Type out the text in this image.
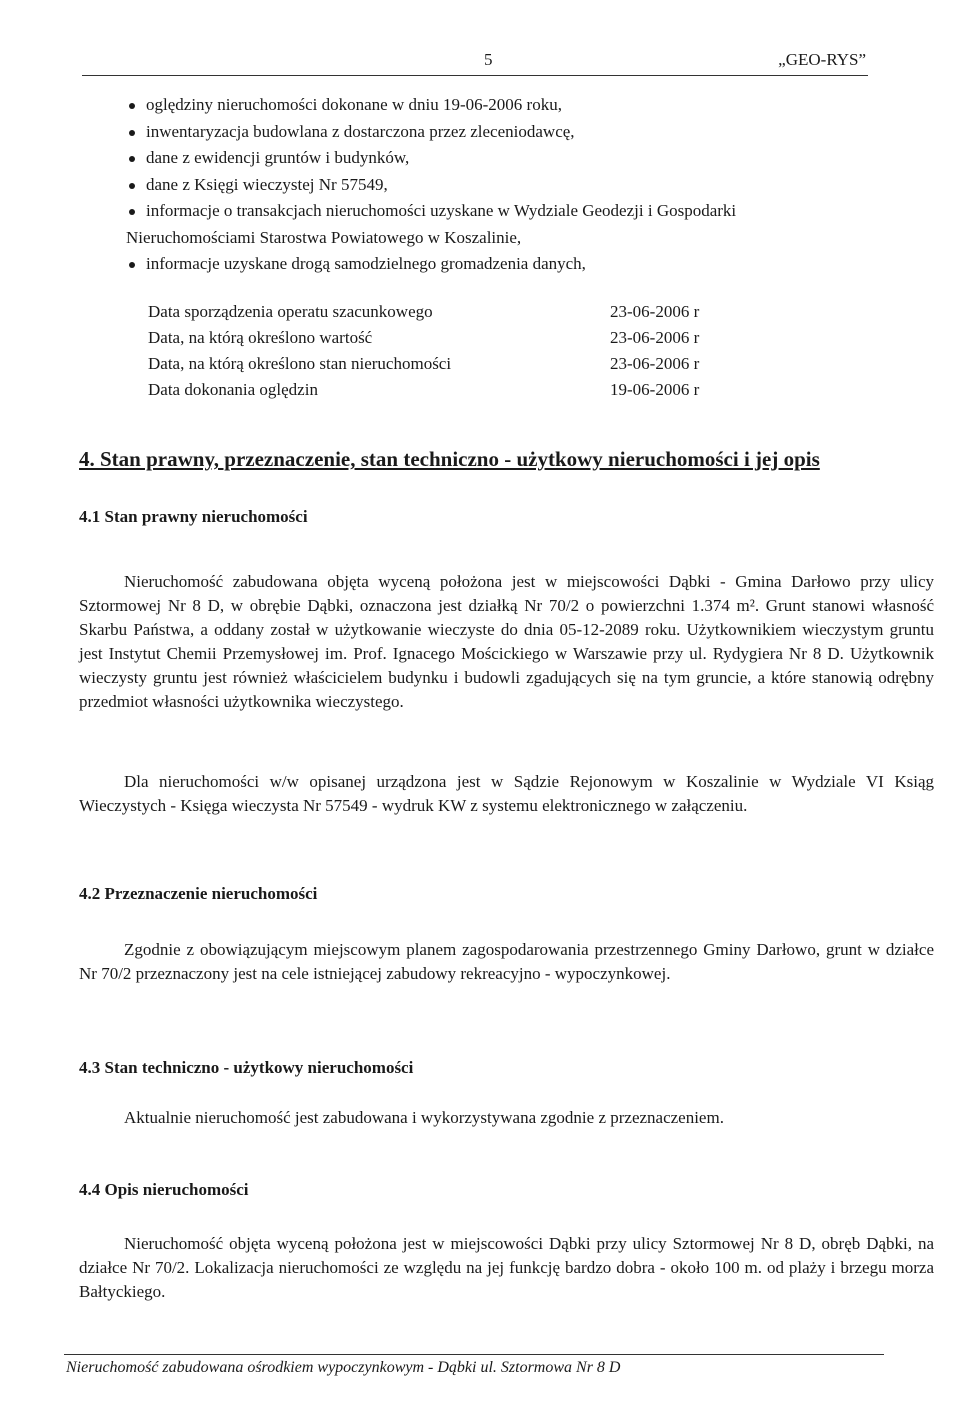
5	„GEO-RYS”
oględziny nieruchomości dokonane w dniu 19-06-2006 roku,
inwentaryzacja budowlana z dostarczona przez zleceniodawcę,
dane z ewidencji gruntów i budynków,
dane z Księgi wieczystej Nr 57549,
informacje o transakcjach nieruchomości uzyskane w Wydziale Geodezji i Gospodarki
Nieruchomościami Starostwa Powiatowego w Koszalinie,
informacje uzyskane drogą samodzielnego gromadzenia danych,
Data sporządzenia operatu szacunkowego	23-06-2006 r
Data, na którą określono wartość	23-06-2006 r
Data, na którą określono stan nieruchomości	23-06-2006 r
Data dokonania oględzin	19-06-2006 r
4. Stan prawny, przeznaczenie, stan techniczno - użytkowy nieruchomości i jej opis
4.1 Stan prawny nieruchomości

Nieruchomość zabudowana objęta wyceną położona jest w miejscowości Dąbki - Gmina Darłowo przy ulicy Sztormowej Nr 8 D, w obrębie Dąbki, oznaczona jest działką Nr 70/2 o powierzchni 1.374 m². Grunt stanowi własność Skarbu Państwa, a oddany został w użytkowanie wieczyste do dnia 05-12-2089 roku. Użytkownikiem wieczystym gruntu jest Instytut Chemii Przemysłowej im. Prof. Ignacego Mościckiego w Warszawie przy ul. Rydygiera Nr 8 D. Użytkownik wieczysty gruntu jest również właścicielem budynku i budowli zgadujących się na tym gruncie, a które stanowią odrębny przedmiot własności użytkownika wieczystego.

Dla nieruchomości w/w opisanej urządzona jest w Sądzie Rejonowym w Koszalinie w Wydziale VI Ksiąg Wieczystych - Księga wieczysta Nr 57549 - wydruk KW z systemu elektronicznego w załączeniu.

4.2 Przeznaczenie nieruchomości

Zgodnie z obowiązującym miejscowym planem zagospodarowania przestrzennego Gminy Darłowo, grunt w działce Nr 70/2 przeznaczony jest na cele istniejącej zabudowy rekreacyjno - wypoczynkowej.

4.3 Stan techniczno - użytkowy nieruchomości

Aktualnie nieruchomość jest zabudowana i wykorzystywana zgodnie z przeznaczeniem.

4.4 Opis nieruchomości

Nieruchomość objęta wyceną położona jest w miejscowości Dąbki przy ulicy Sztormowej Nr 8 D, obręb Dąbki, na działce Nr 70/2. Lokalizacja nieruchomości ze względu na jej funkcję bardzo dobra - około 100 m. od plaży i brzegu morza Bałtyckiego.

Nieruchomość zabudowana ośrodkiem wypoczynkowym - Dąbki ul. Sztormowa Nr 8 D
